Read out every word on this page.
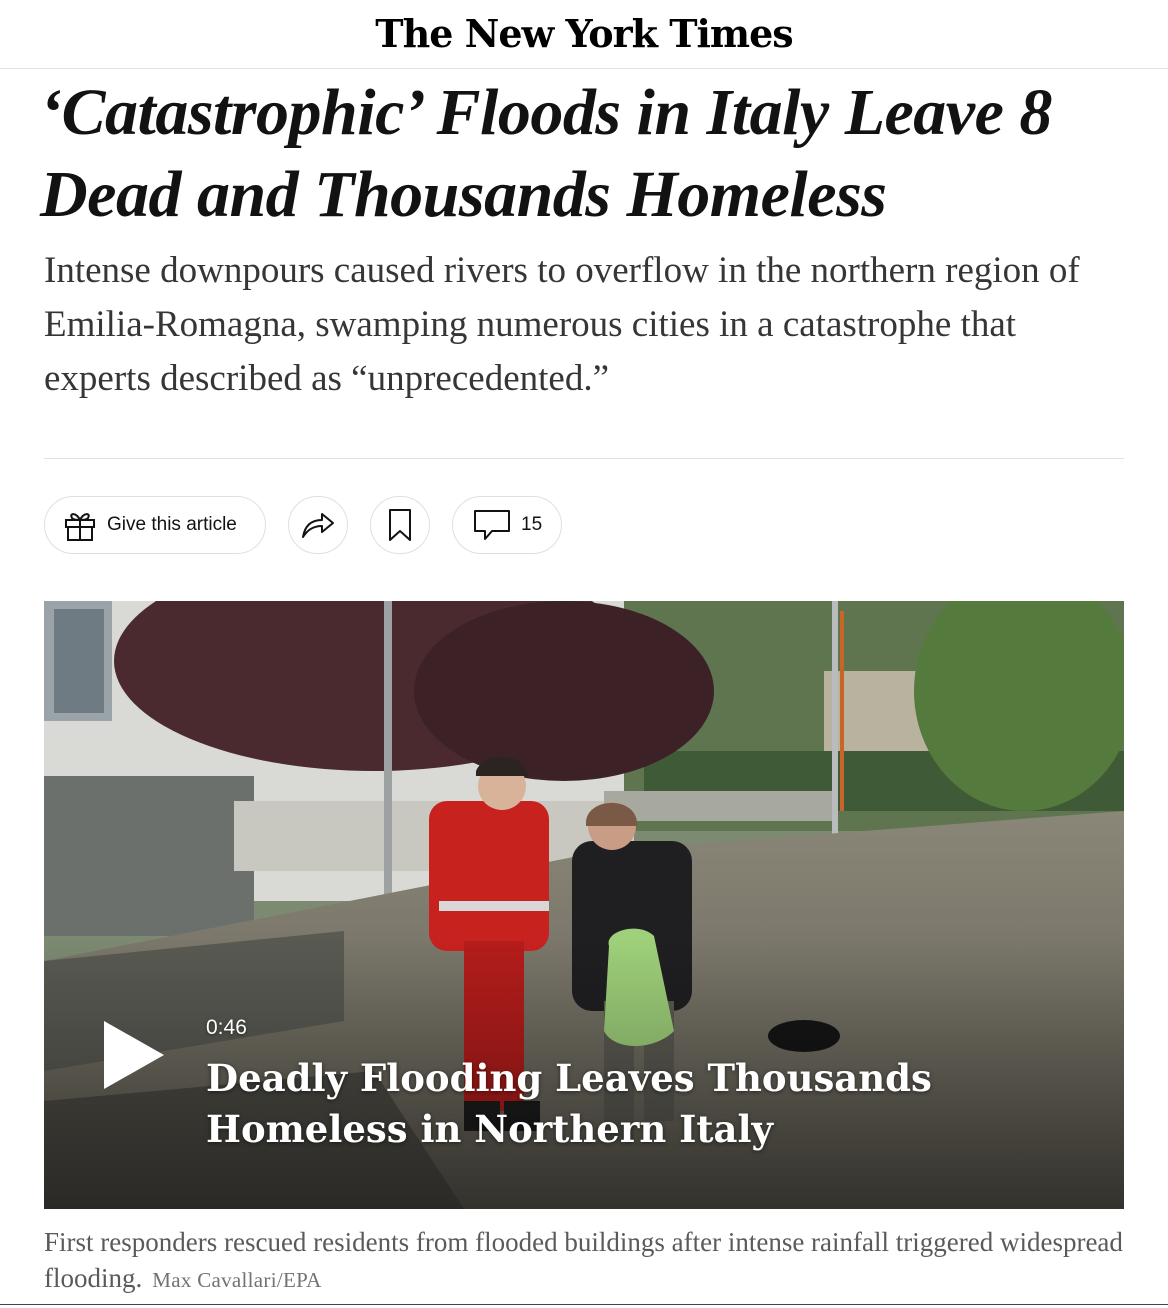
The New York Times
‘Catastrophic’ Floods in Italy Leave 8 Dead and Thousands Homeless

Intense downpours caused rivers to overflow in the northern region of Emilia-Romagna, swamping numerous cities in a catastrophe that experts described as “unprecedented.”

Give this article	15
0:46
Deadly Flooding Leaves Thousands Homeless in Northern Italy

First responders rescued residents from flooded buildings after intense rainfall triggered widespread flooding. Max Cavallari/EPA
